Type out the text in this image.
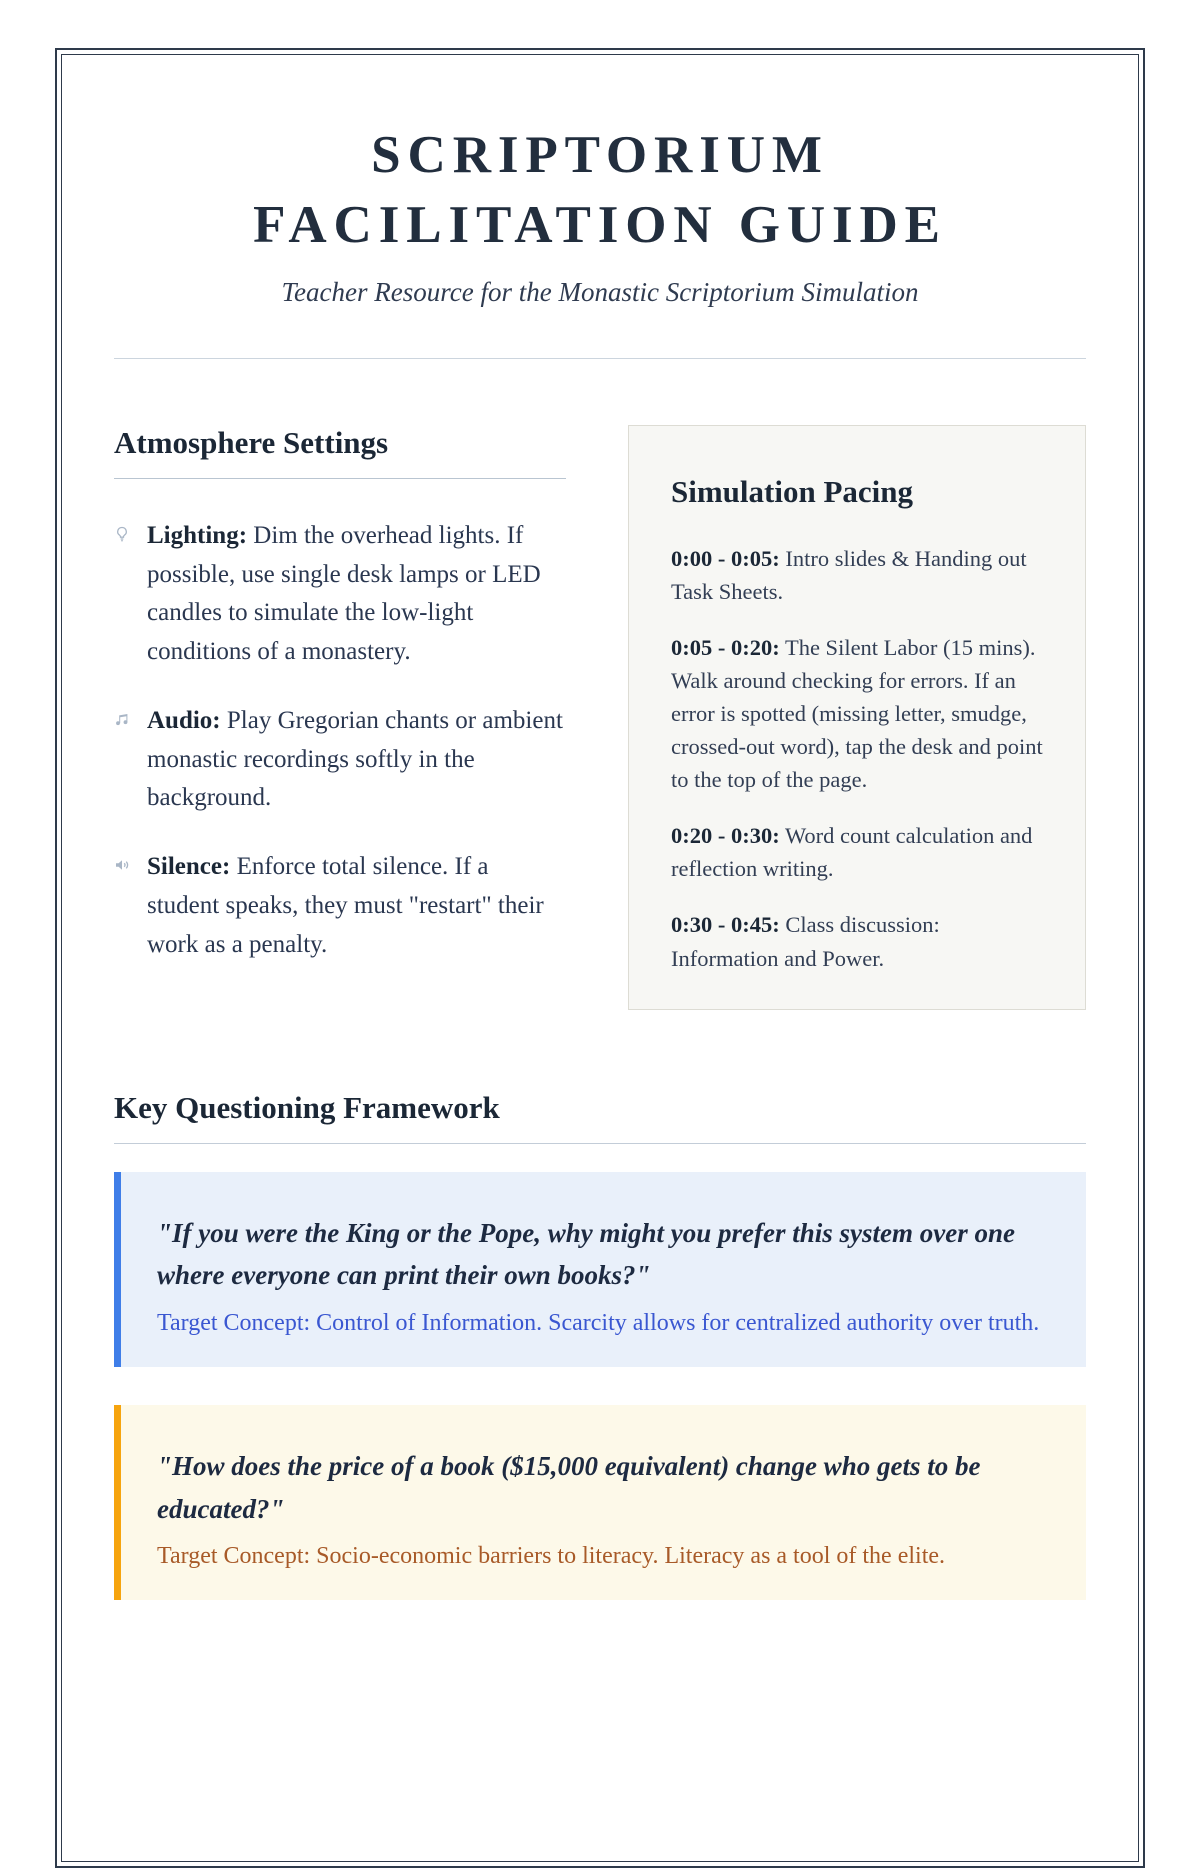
SCRIPTORIUM FACILITATION GUIDE
Teacher Resource for the Monastic Scriptorium Simulation
Atmosphere Settings
Lighting: Dim the overhead lights. If possible, use single desk lamps or LED candles to simulate the low-light conditions of a monastery.
Audio: Play Gregorian chants or ambient monastic recordings softly in the background.
Silence: Enforce total silence. If a student speaks, they must "restart" their work as a penalty.
Simulation Pacing

0:00 - 0:05: Intro slides & Handing out Task Sheets.

0:05 - 0:20: The Silent Labor (15 mins). Walk around checking for errors. If an error is spotted (missing letter, smudge, crossed-out word), tap the desk and point to the top of the page.

0:20 - 0:30: Word count calculation and reflection writing.

0:30 - 0:45: Class discussion: Information and Power.

Key Questioning Framework

"If you were the King or the Pope, why might you prefer this system over one where everyone can print their own books?"

Target Concept: Control of Information. Scarcity allows for centralized authority over truth.

"How does the price of a book ($15,000 equivalent) change who gets to be educated?"

Target Concept: Socio-economic barriers to literacy. Literacy as a tool of the elite.
